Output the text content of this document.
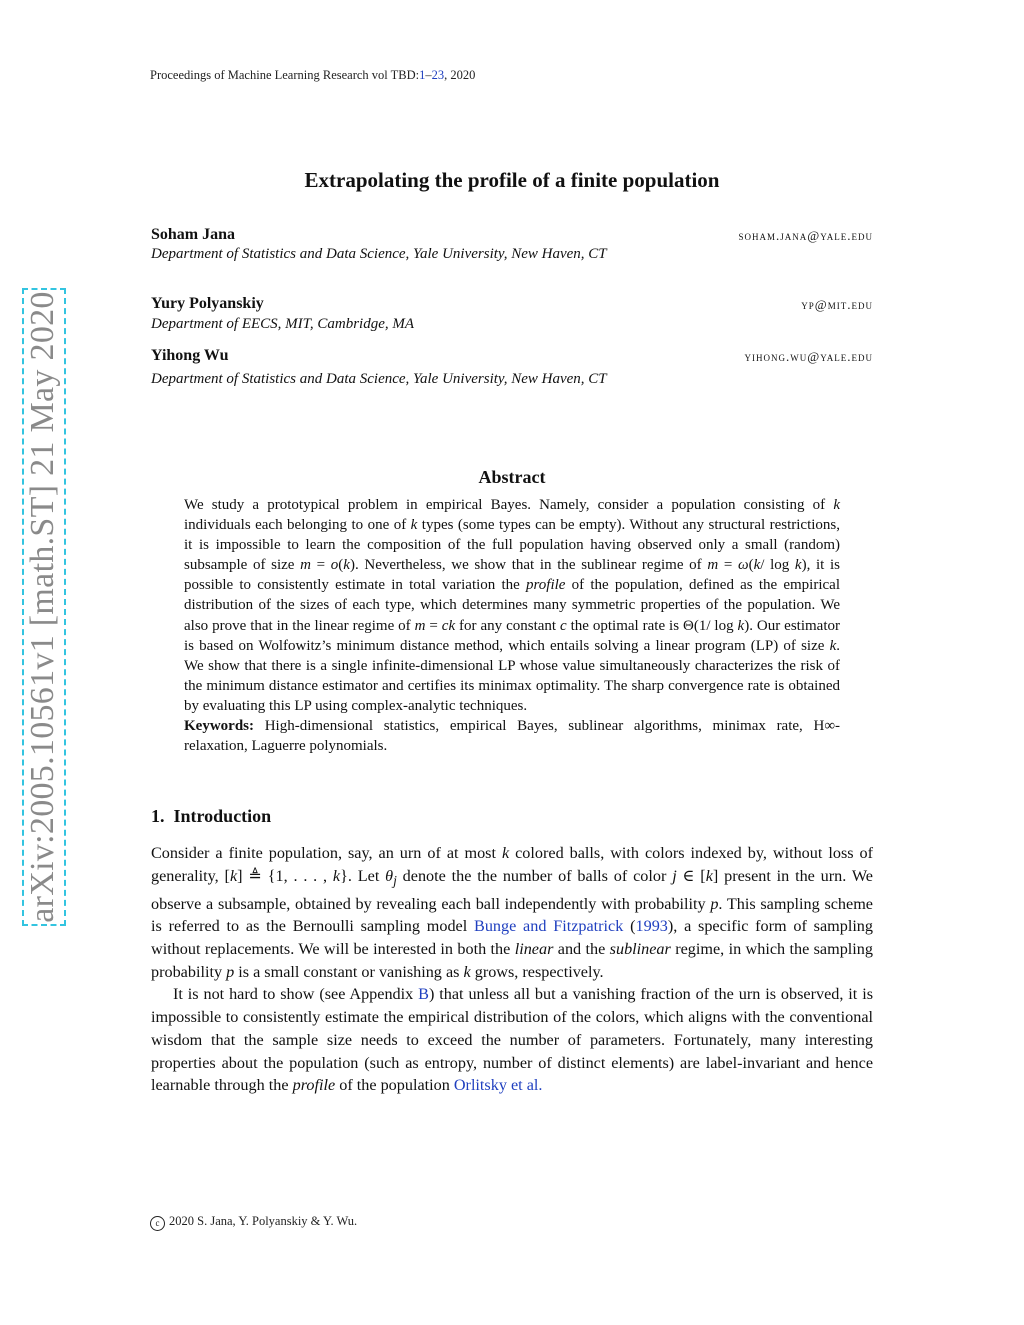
Proceedings of Machine Learning Research vol TBD:1–23, 2020
arXiv:2005.10561v1 [math.ST] 21 May 2020
Extrapolating the profile of a finite population
Soham Jana	soham.jana@yale.edu
Department of Statistics and Data Science, Yale University, New Haven, CT
Yury Polyanskiy	yp@mit.edu
Department of EECS, MIT, Cambridge, MA
Yihong Wu	yihong.wu@yale.edu
Department of Statistics and Data Science, Yale University, New Haven, CT
Abstract

We study a prototypical problem in empirical Bayes. Namely, consider a population consisting of k individuals each belonging to one of k types (some types can be empty). Without any structural restrictions, it is impossible to learn the composition of the full population having observed only a small (random) subsample of size m = o(k). Nevertheless, we show that in the sublinear regime of m = ω(k/ log k), it is possible to consistently estimate in total variation the profile of the population, defined as the empirical distribution of the sizes of each type, which determines many symmetric properties of the population. We also prove that in the linear regime of m = ck for any constant c the optimal rate is Θ(1/ log k). Our estimator is based on Wolfowitz’s minimum distance method, which entails solving a linear program (LP) of size k. We show that there is a single infinite-dimensional LP whose value simultaneously characterizes the risk of the minimum distance estimator and certifies its minimax optimality. The sharp convergence rate is obtained by evaluating this LP using complex-analytic techniques.

Keywords: High-dimensional statistics, empirical Bayes, sublinear algorithms, minimax rate, H∞-relaxation, Laguerre polynomials.

1. Introduction

Consider a finite population, say, an urn of at most k colored balls, with colors indexed by, without loss of generality, [k] ≜ {1, . . . , k}. Let $\theta_j$ denote the the number of balls of color j ∈ [k] present in the urn. We observe a subsample, obtained by revealing each ball independently with probability p. This sampling scheme is referred to as the Bernoulli sampling model Bunge and Fitzpatrick (1993), a specific form of sampling without replacements. We will be interested in both the linear and the sublinear regime, in which the sampling probability p is a small constant or vanishing as k grows, respectively.

It is not hard to show (see Appendix B) that unless all but a vanishing fraction of the urn is observed, it is impossible to consistently estimate the empirical distribution of the colors, which aligns with the conventional wisdom that the sample size needs to exceed the number of parameters. Fortunately, many interesting properties about the population (such as entropy, number of distinct elements) are label-invariant and hence learnable through the profile of the population Orlitsky et al.

c 2020 S. Jana, Y. Polyanskiy & Y. Wu.
